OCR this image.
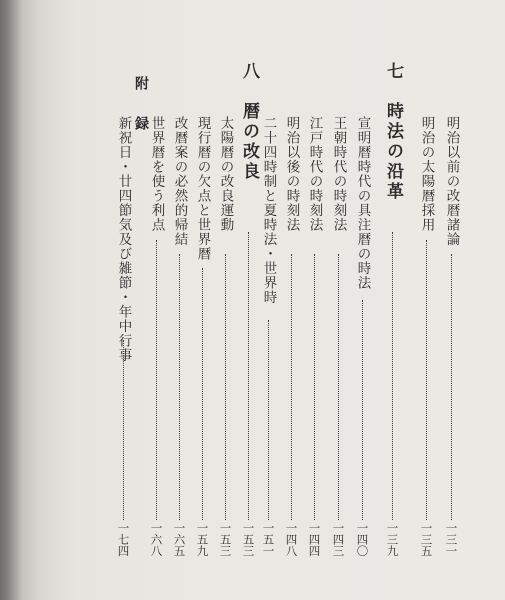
明治以前の改暦諸論
一三一
明治の太陽暦採用
一三五
七　時法の沿革
一三九
宣明暦時代の具注暦の時法
一四〇
王朝時代の時刻法
一四三
江戸時代の時刻法
一四四
明治以後の時刻法
一四八
二十四時制と夏時法・世界時
一五一
八　暦の改良
一五三
太陽暦の改良運動
一五三
現行暦の欠点と世界暦
一五九
改暦案の必然的帰結
一六五
世界暦を使う利点
一六八
附　録
新祝日・廿四節気及び雑節・年中行事
一七四
